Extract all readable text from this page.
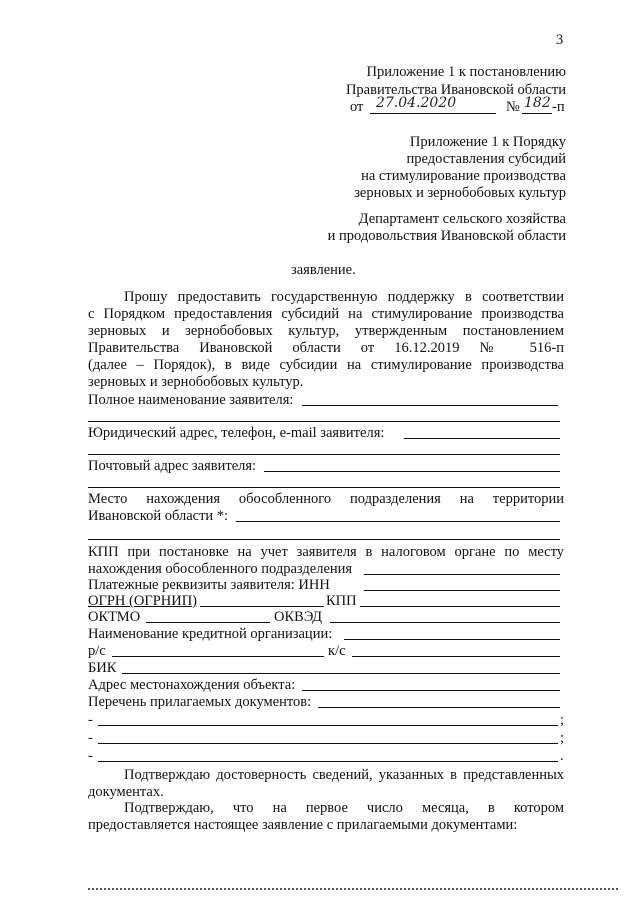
3
Приложение 1 к постановлению
Правительства Ивановской области
от 27.04.2020	№ 182 -п
Приложение 1 к Порядку
предоставления субсидий
на стимулирование производства
зерновых и зернобобовых культур
Департамент сельского хозяйства
и продовольствия Ивановской области
заявление.
Прошу предоставить государственную поддержку в соответствии
с Порядком предоставления субсидий на стимулирование производства
зерновых и зернобобовых культур, утвержденным постановлением
Правительства Ивановской области от 16.12.2019 № 516-п
(далее – Порядок), в виде субсидии на стимулирование производства
зерновых и зернобобовых культур.
Полное наименование заявителя:
Юридический адрес, телефон, e-mail заявителя:
Почтовый адрес заявителя:
Место нахождения обособленного подразделения на территории
Ивановской области *:
КПП при постановке на учет заявителя в налоговом органе по месту
нахождения обособленного подразделения
Платежные реквизиты заявителя: ИНН
ОГРН (ОГРНИП)	КПП
ОКТМО	ОКВЭД
Наименование кредитной организации:
р/с	к/с
БИК
Адрес местонахождения объекта:
Перечень прилагаемых документов:
-	;
-	;
-	.
Подтверждаю достоверность сведений, указанных в представленных
документах.
Подтверждаю, что на первое число месяца, в котором
предоставляется настоящее заявление с прилагаемыми документами:
